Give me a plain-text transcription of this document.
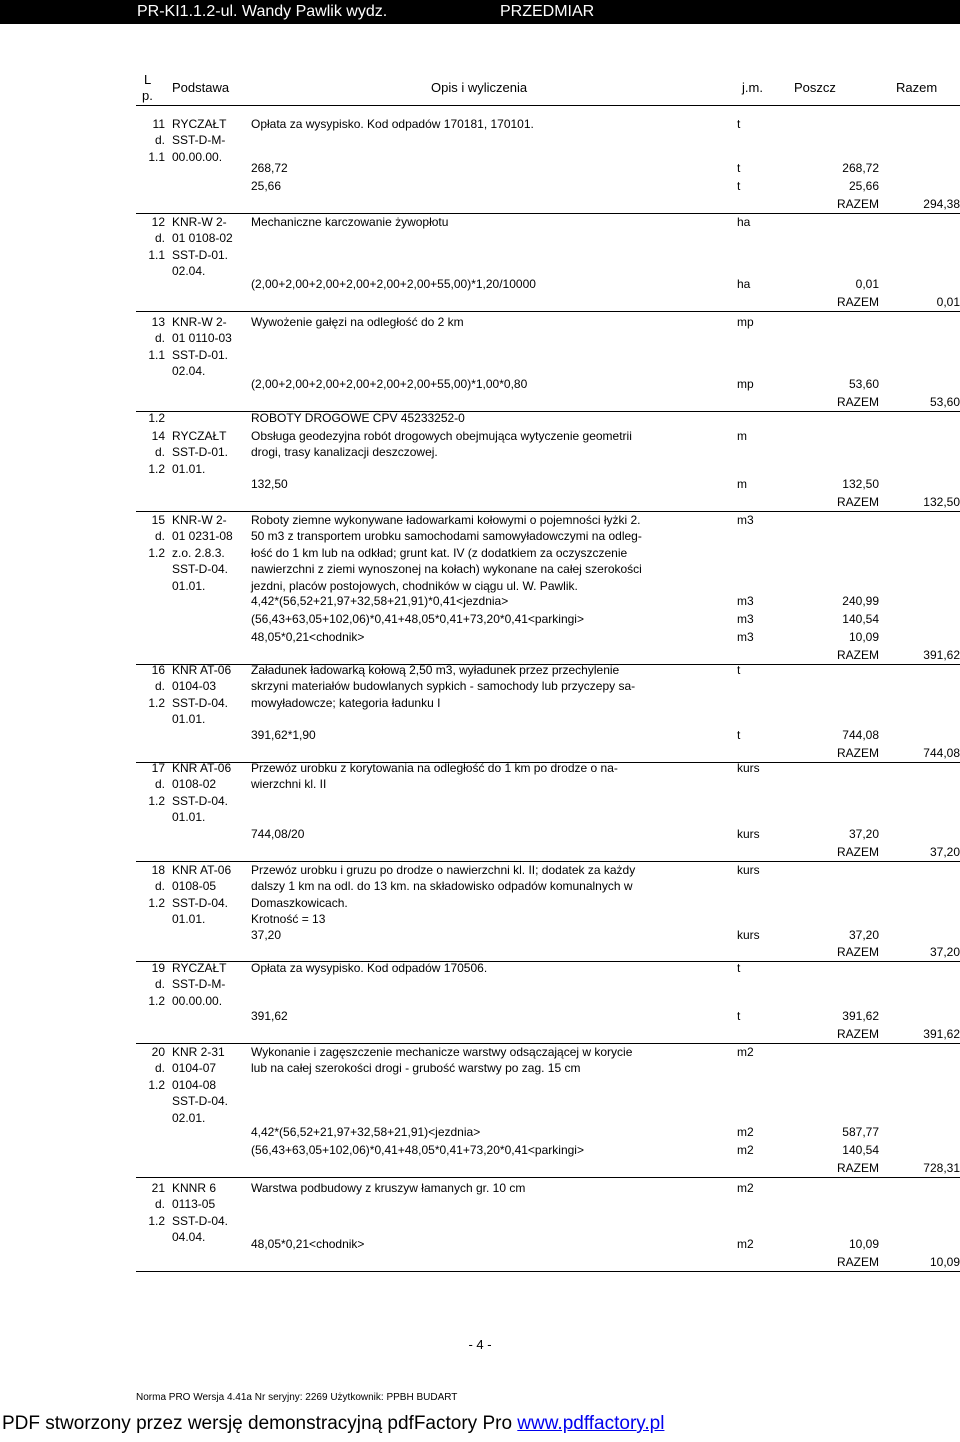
PR-KI1.1.2-ul. Wandy Pawlik wydz.	PRZEDMIAR
L
p.
Podstawa	Opis i wyliczenia	j.m. Poszcz	Razem
11 RYCZAŁT	Opłata za wysypisko. Kod odpadów 170181, 170101.	t
d. SST-D-M-
1.1 00.00.00.
268,72	t	268,72
25,66	t	25,66
RAZEM	294,38
12 KNR-W 2-	Mechaniczne karczowanie żywopłotu	ha
d. 01 0108-02
1.1 SST-D-01.
02.04.
(2,00+2,00+2,00+2,00+2,00+2,00+55,00)*1,20/10000	ha	0,01
RAZEM	0,01
13 KNR-W 2-	Wywożenie gałęzi na odległość do 2 km	mp
d. 01 0110-03
1.1 SST-D-01.
02.04.
(2,00+2,00+2,00+2,00+2,00+2,00+55,00)*1,00*0,80	mp	53,60
RAZEM	53,60
1.2	ROBOTY DROGOWE CPV 45233252-0
14 RYCZAŁT	Obsługa geodezyjna robót drogowych obejmująca wytyczenie geometrii	m
d. SST-D-01.	drogi, trasy kanalizacji deszczowej.
1.2 01.01.
132,50	m	132,50
RAZEM	132,50
15 KNR-W 2-	Roboty ziemne wykonywane ładowarkami kołowymi o pojemności łyżki 2.	m3
d. 01 0231-08	50 m3 z transportem urobku samochodami samowyładowczymi na odleg-
1.2 z.o. 2.8.3.	łość do 1 km lub na odkład; grunt kat. IV (z dodatkiem za oczyszczenie
SST-D-04.	nawierzchni z ziemi wynoszonej na kołach) wykonane na całej szerokości
01.01.	jezdni, placów postojowych, chodników w ciągu ul. W. Pawlik.
4,42*(56,52+21,97+32,58+21,91)*0,41<jezdnia>	m3	240,99
(56,43+63,05+102,06)*0,41+48,05*0,41+73,20*0,41<parkingi>	m3	140,54
48,05*0,21<chodnik>	m3	10,09
RAZEM	391,62
16 KNR AT-06	Załadunek ładowarką kołową 2,50 m3, wyładunek przez przechylenie	t
d. 0104-03	skrzyni materiałów budowlanych sypkich - samochody lub przyczepy sa-
1.2 SST-D-04.	mowyładowcze; kategoria ładunku I
01.01.
391,62*1,90	t	744,08
RAZEM	744,08
17 KNR AT-06	Przewóz urobku z korytowania na odległość do 1 km po drodze o na-	kurs
d. 0108-02	wierzchni kl. II
1.2 SST-D-04.
01.01.
744,08/20	kurs	37,20
RAZEM	37,20
18 KNR AT-06	Przewóz urobku i gruzu po drodze o nawierzchni kl. II; dodatek za każdy	kurs
d. 0108-05	dalszy 1 km na odl. do 13 km. na składowisko odpadów komunalnych w
1.2 SST-D-04.	Domaszkowicach.
01.01.	Krotność = 13
37,20	kurs	37,20
RAZEM	37,20
19 RYCZAŁT	Opłata za wysypisko. Kod odpadów 170506.	t
d. SST-D-M-
1.2 00.00.00.
391,62	t	391,62
RAZEM	391,62
20 KNR 2-31	Wykonanie i zagęszczenie mechanicze warstwy odsączającej w korycie	m2
d. 0104-07	lub na całej szerokości drogi - grubość warstwy po zag. 15 cm
1.2 0104-08
SST-D-04.
02.01.
4,42*(56,52+21,97+32,58+21,91)<jezdnia>	m2	587,77
(56,43+63,05+102,06)*0,41+48,05*0,41+73,20*0,41<parkingi>	m2	140,54
RAZEM	728,31
21 KNNR 6	Warstwa podbudowy z kruszyw łamanych gr. 10 cm	m2
d. 0113-05
1.2 SST-D-04.
04.04.	48,05*0,21<chodnik>	m2	10,09
RAZEM	10,09
- 4 -
Norma PRO Wersja 4.41a Nr seryjny: 2269 Użytkownik: PPBH BUDART
PDF stworzony przez wersję demonstracyjną pdfFactory Pro www.pdffactory.pl
